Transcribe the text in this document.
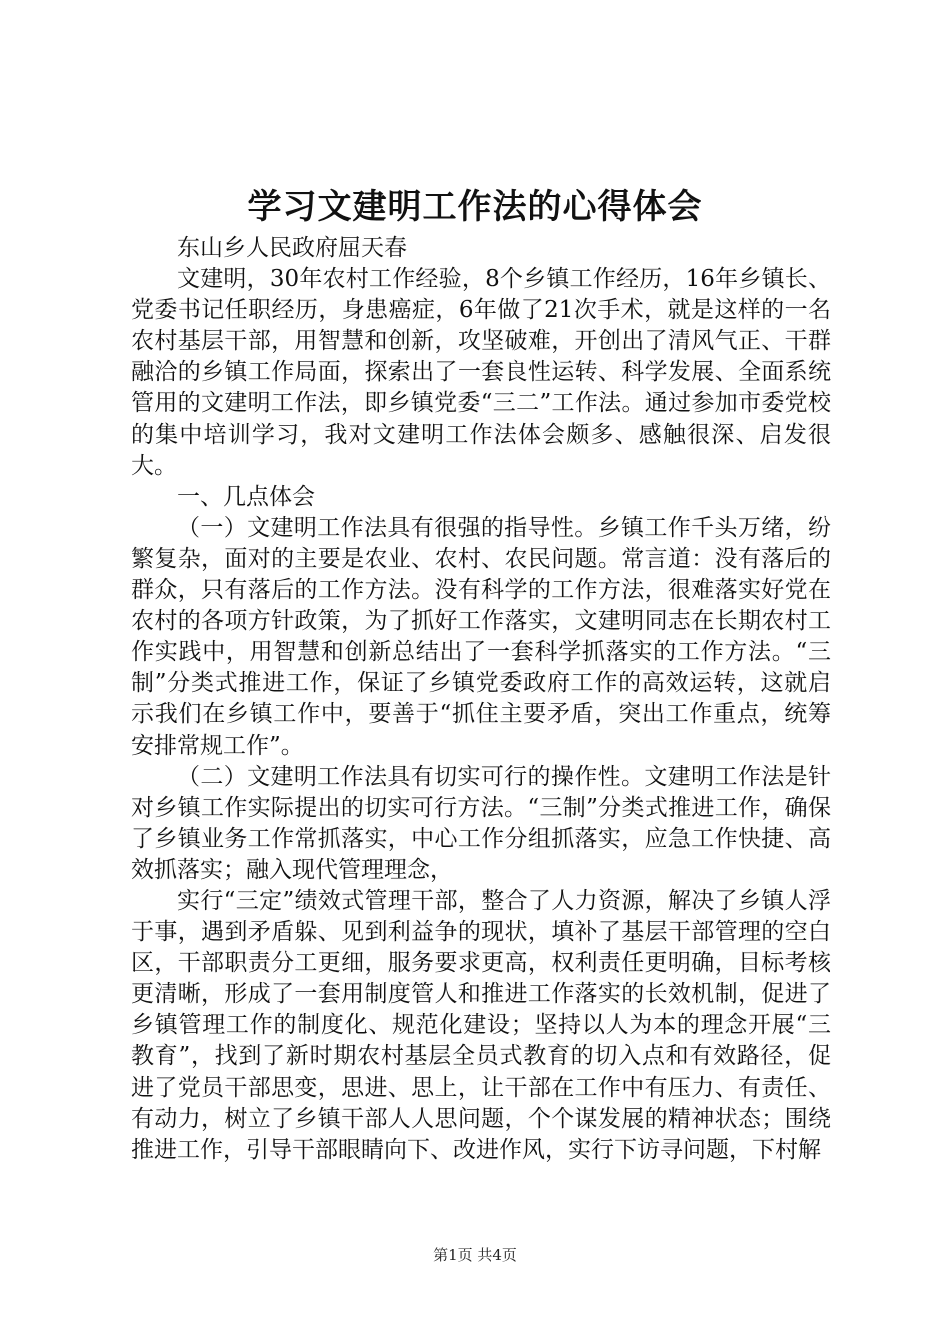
学习文建明工作法的心得体会

东山乡人民政府屈天春

文建明，30年农村工作经验，8个乡镇工作经历，16年乡镇长、党委书记任职经历，身患癌症，6年做了21次手术，就是这样的一名农村基层干部，用智慧和创新，攻坚破难，开创出了清风气正、干群融洽的乡镇工作局面，探索出了一套良性运转、科学发展、全面系统管用的文建明工作法，即乡镇党委“三二”工作法。通过参加市委党校的集中培训学习，我对文建明工作法体会颇多、感触很深、启发很大。

一、几点体会

（一）文建明工作法具有很强的指导性。乡镇工作千头万绪，纷繁复杂，面对的主要是农业、农村、农民问题。常言道：没有落后的群众，只有落后的工作方法。没有科学的工作方法，很难落实好党在农村的各项方针政策，为了抓好工作落实，文建明同志在长期农村工作实践中，用智慧和创新总结出了一套科学抓落实的工作方法。“三制”分类式推进工作，保证了乡镇党委政府工作的高效运转，这就启示我们在乡镇工作中，要善于“抓住主要矛盾，突出工作重点，统筹安排常规工作”。

（二）文建明工作法具有切实可行的操作性。文建明工作法是针对乡镇工作实际提出的切实可行方法。“三制”分类式推进工作，确保了乡镇业务工作常抓落实，中心工作分组抓落实，应急工作快捷、高效抓落实；融入现代管理理念，

实行“三定”绩效式管理干部，整合了人力资源，解决了乡镇人浮于事，遇到矛盾躲、见到利益争的现状，填补了基层干部管理的空白区，干部职责分工更细，服务要求更高，权利责任更明确，目标考核更清晰，形成了一套用制度管人和推进工作落实的长效机制，促进了乡镇管理工作的制度化、规范化建设；坚持以人为本的理念开展“三教育”，找到了新时期农村基层全员式教育的切入点和有效路径，促进了党员干部思变，思进、思上，让干部在工作中有压力、有责任、有动力，树立了乡镇干部人人思问题，个个谋发展的精神状态；围绕推进工作，引导干部眼睛向下、改进作风，实行下访寻问题，下村解

第1页 共4页
